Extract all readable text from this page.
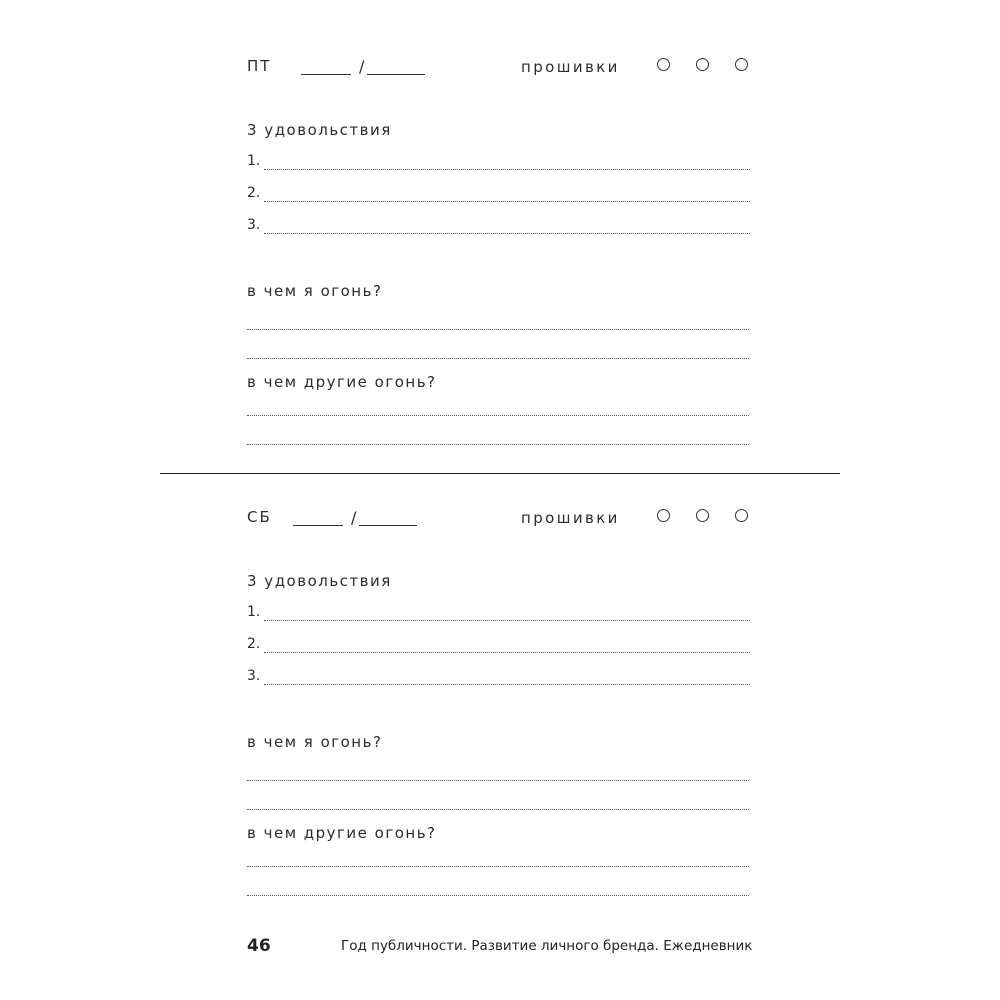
ПТ	/	прошивки
3 удовольствия
1.
2.
3.
в чем я огонь?
в чем другие огонь?
СБ	/	прошивки
3 удовольствия
1.
2.
3.
в чем я огонь?
в чем другие огонь?
46	Год публичности. Развитие личного бренда. Ежедневник
